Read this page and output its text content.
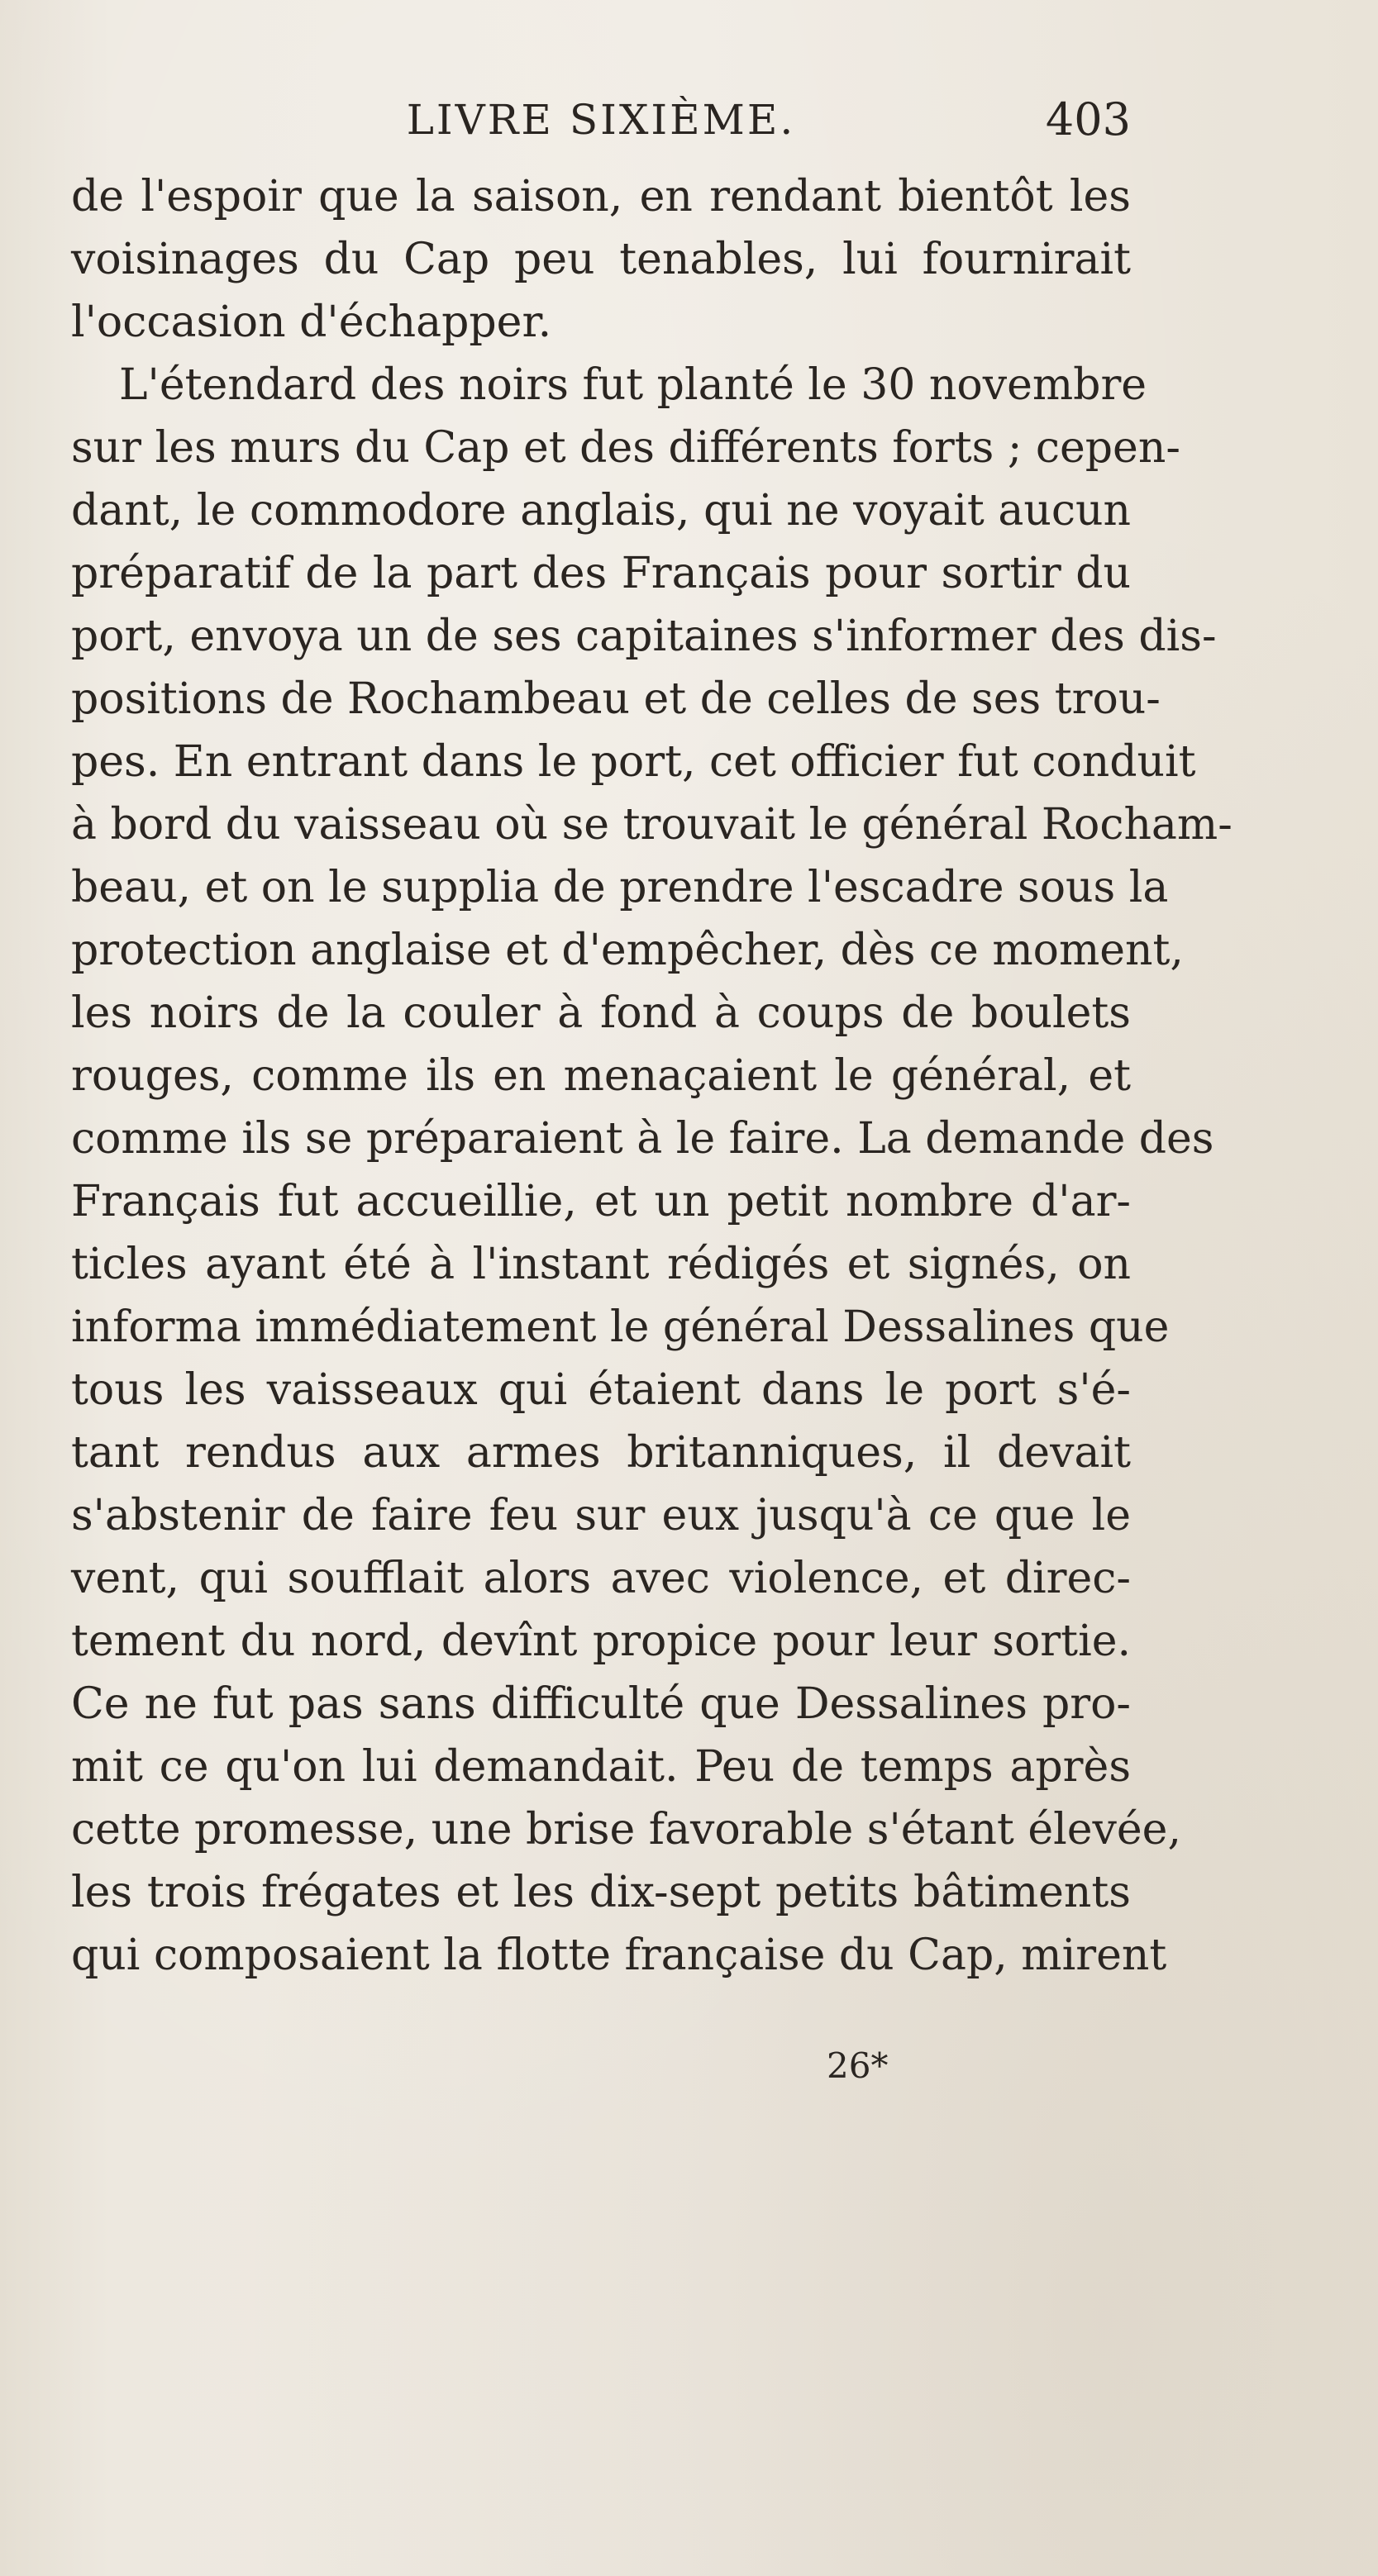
LIVRE SIXIÈME.	403
de l'espoir que la saison, en rendant bientôt les
voisinages du Cap peu tenables, lui fournirait
l'occasion d'échapper.
L'étendard des noirs fut planté le 30 novembre
sur les murs du Cap et des différents forts ; cepen-
dant, le commodore anglais, qui ne voyait aucun
préparatif de la part des Français pour sortir du
port, envoya un de ses capitaines s'informer des dis-
positions de Rochambeau et de celles de ses trou-
pes. En entrant dans le port, cet officier fut conduit
à bord du vaisseau où se trouvait le général Rocham-
beau, et on le supplia de prendre l'escadre sous la
protection anglaise et d'empêcher, dès ce moment,
les noirs de la couler à fond à coups de boulets
rouges, comme ils en menaçaient le général, et
comme ils se préparaient à le faire. La demande des
Français fut accueillie, et un petit nombre d'ar-
ticles ayant été à l'instant rédigés et signés, on
informa immédiatement le général Dessalines que
tous les vaisseaux qui étaient dans le port s'é-
tant rendus aux armes britanniques, il devait
s'abstenir de faire feu sur eux jusqu'à ce que le
vent, qui soufflait alors avec violence, et direc-
tement du nord, devînt propice pour leur sortie.
Ce ne fut pas sans difficulté que Dessalines pro-
mit ce qu'on lui demandait. Peu de temps après
cette promesse, une brise favorable s'étant élevée,
les trois frégates et les dix-sept petits bâtiments
qui composaient la flotte française du Cap, mirent
26*
